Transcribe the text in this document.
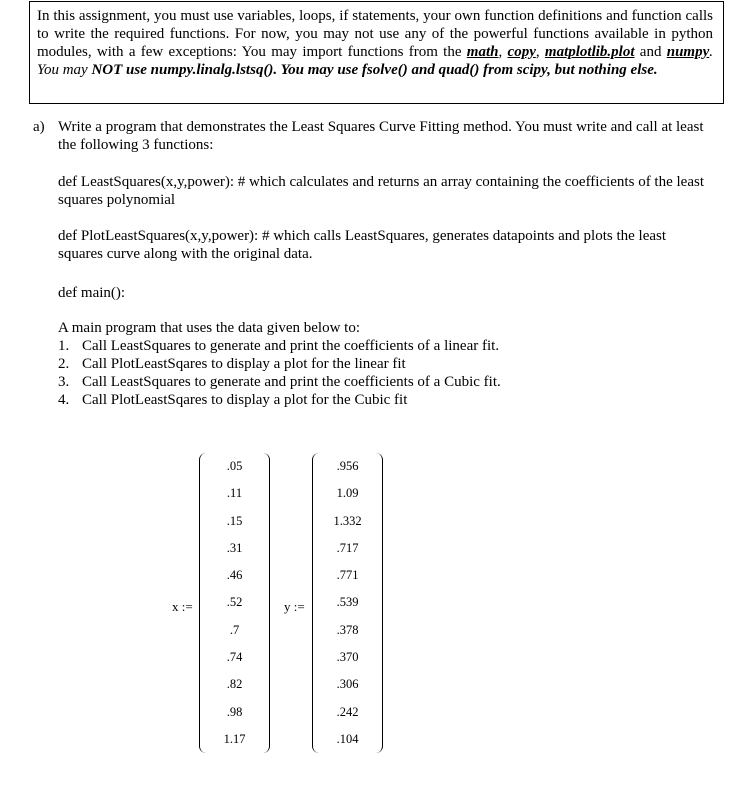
In this assignment, you must use variables, loops, if statements, your own function definitions and function calls to write the required functions. For now, you may not use any of the powerful functions available in python modules, with a few exceptions: You may import functions from the math, copy, matplotlib.plot and numpy. You may NOT use numpy.linalg.lstsq(). You may use fsolve() and quad() from scipy, but nothing else.
a) Write a program that demonstrates the Least Squares Curve Fitting method. You must write and call at least the following 3 functions:
def LeastSquares(x,y,power): # which calculates and returns an array containing the coefficients of the least squares polynomial
def PlotLeastSquares(x,y,power): # which calls LeastSquares, generates datapoints and plots the least squares curve along with the original data.
def main():
A main program that uses the data given below to:
1. Call LeastSquares to generate and print the coefficients of a linear fit.
2. Call PlotLeastSqares to display a plot for the linear fit
3. Call LeastSquares to generate and print the coefficients of a Cubic fit.
4. Call PlotLeastSqares to display a plot for the Cubic fit
x :=
.05
.11
.15
.31
.46
.52
.7
.74
.82
.98
1.17
y :=
.956
1.09
1.332
.717
.771
.539
.378
.370
.306
.242
.104
